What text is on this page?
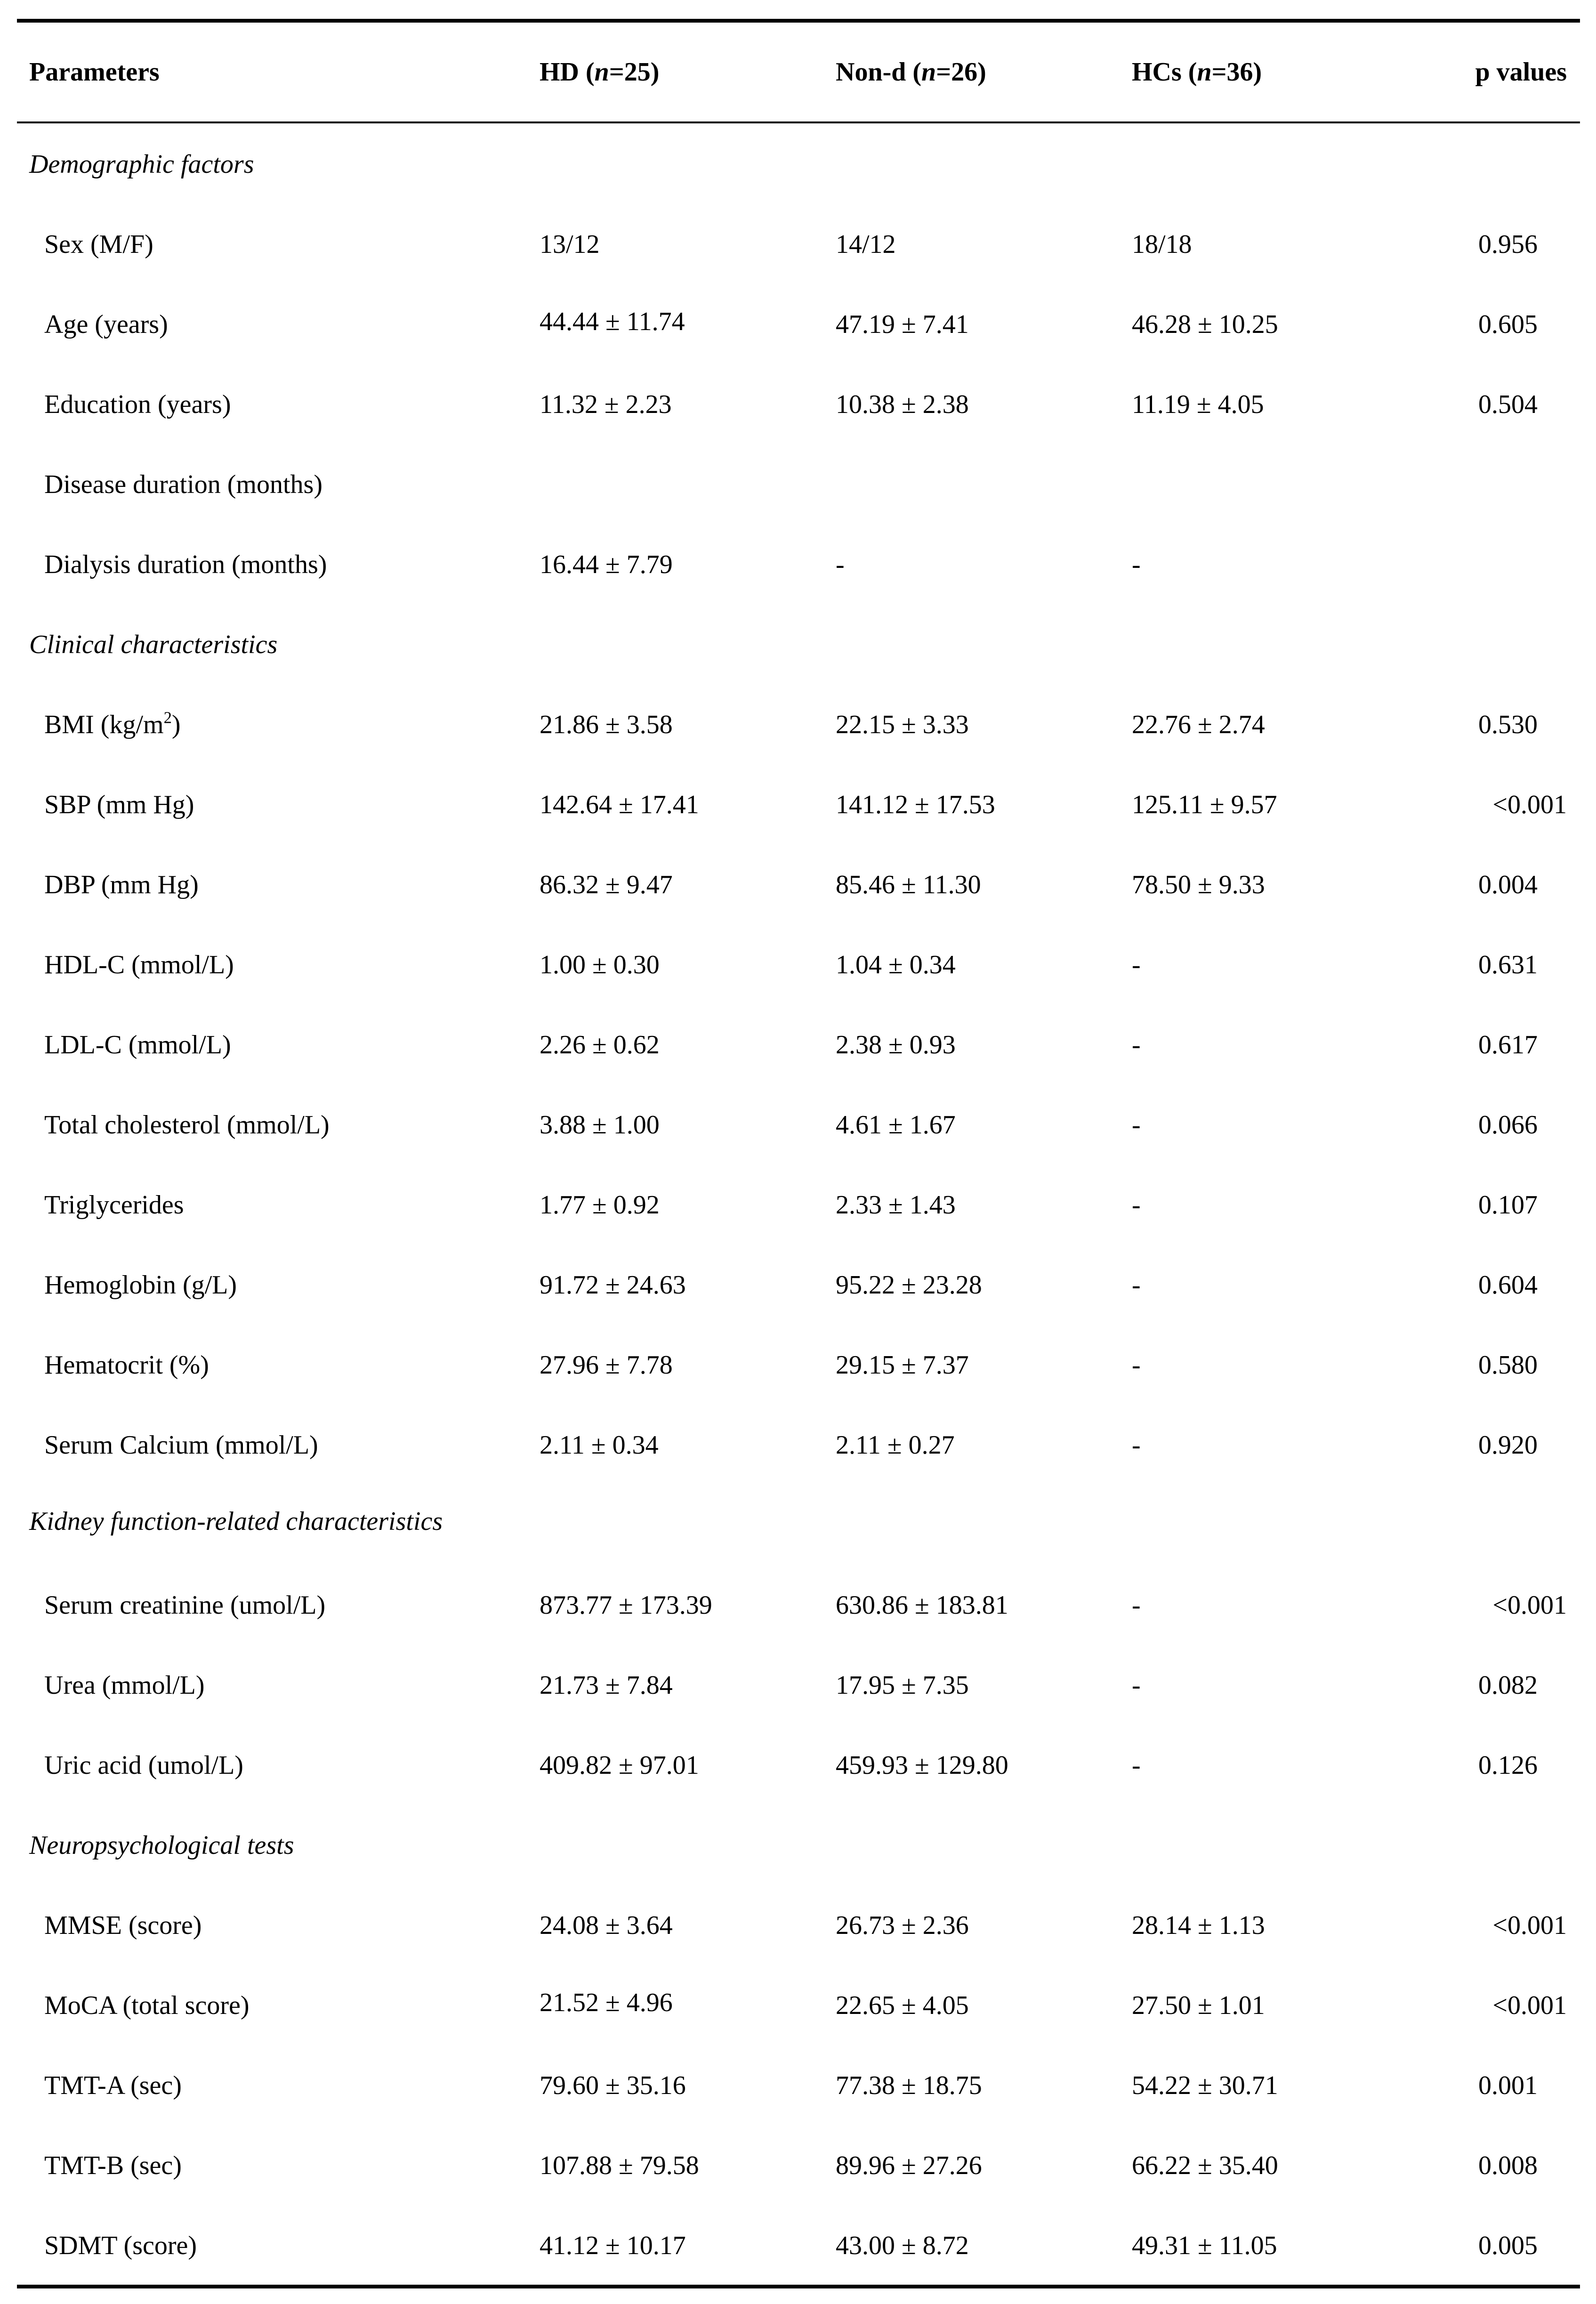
Parameters	HD (n=25)	Non-d (n=26)	HCs (n=36)	p values
Demographic factors
Sex (M/F)	13/12	14/12	18/18	0.956
Age (years)	44.44 ± 11.74	47.19 ± 7.41	46.28 ± 10.25	0.605
Education (years)	11.32 ± 2.23	10.38 ± 2.38	11.19 ± 4.05	0.504
Disease duration (months)
Dialysis duration (months)	16.44 ± 7.79	-	-
Clinical characteristics
BMI $(kg/m^2)$	21.86 ± 3.58	22.15 ± 3.33	22.76 ± 2.74	0.530
SBP (mm Hg)	142.64 ± 17.41	141.12 ± 17.53	125.11 ± 9.57	<0.001
DBP (mm Hg)	86.32 ± 9.47	85.46 ± 11.30	78.50 ± 9.33	0.004
HDL-C (mmol/L)	1.00 ± 0.30	1.04 ± 0.34	-	0.631
LDL-C (mmol/L)	2.26 ± 0.62	2.38 ± 0.93	-	0.617
Total cholesterol (mmol/L)	3.88 ± 1.00	4.61 ± 1.67	-	0.066
Triglycerides	1.77 ± 0.92	2.33 ± 1.43	-	0.107
Hemoglobin (g/L)	91.72 ± 24.63	95.22 ± 23.28	-	0.604
Hematocrit (%)	27.96 ± 7.78	29.15 ± 7.37	-	0.580
Serum Calcium (mmol/L)	2.11 ± 0.34	2.11 ± 0.27	-	0.920
Kidney function-related characteristics
Serum creatinine (umol/L)	873.77 ± 173.39	630.86 ± 183.81	-	<0.001
Urea (mmol/L)	21.73 ± 7.84	17.95 ± 7.35	-	0.082
Uric acid (umol/L)	409.82 ± 97.01	459.93 ± 129.80	-	0.126
Neuropsychological tests
MMSE (score)	24.08 ± 3.64	26.73 ± 2.36	28.14 ± 1.13	<0.001
MoCA (total score)	21.52 ± 4.96	22.65 ± 4.05	27.50 ± 1.01	<0.001
TMT-A (sec)	79.60 ± 35.16	77.38 ± 18.75	54.22 ± 30.71	0.001
TMT-B (sec)	107.88 ± 79.58	89.96 ± 27.26	66.22 ± 35.40	0.008
SDMT (score)	41.12 ± 10.17	43.00 ± 8.72	49.31 ± 11.05	0.005
